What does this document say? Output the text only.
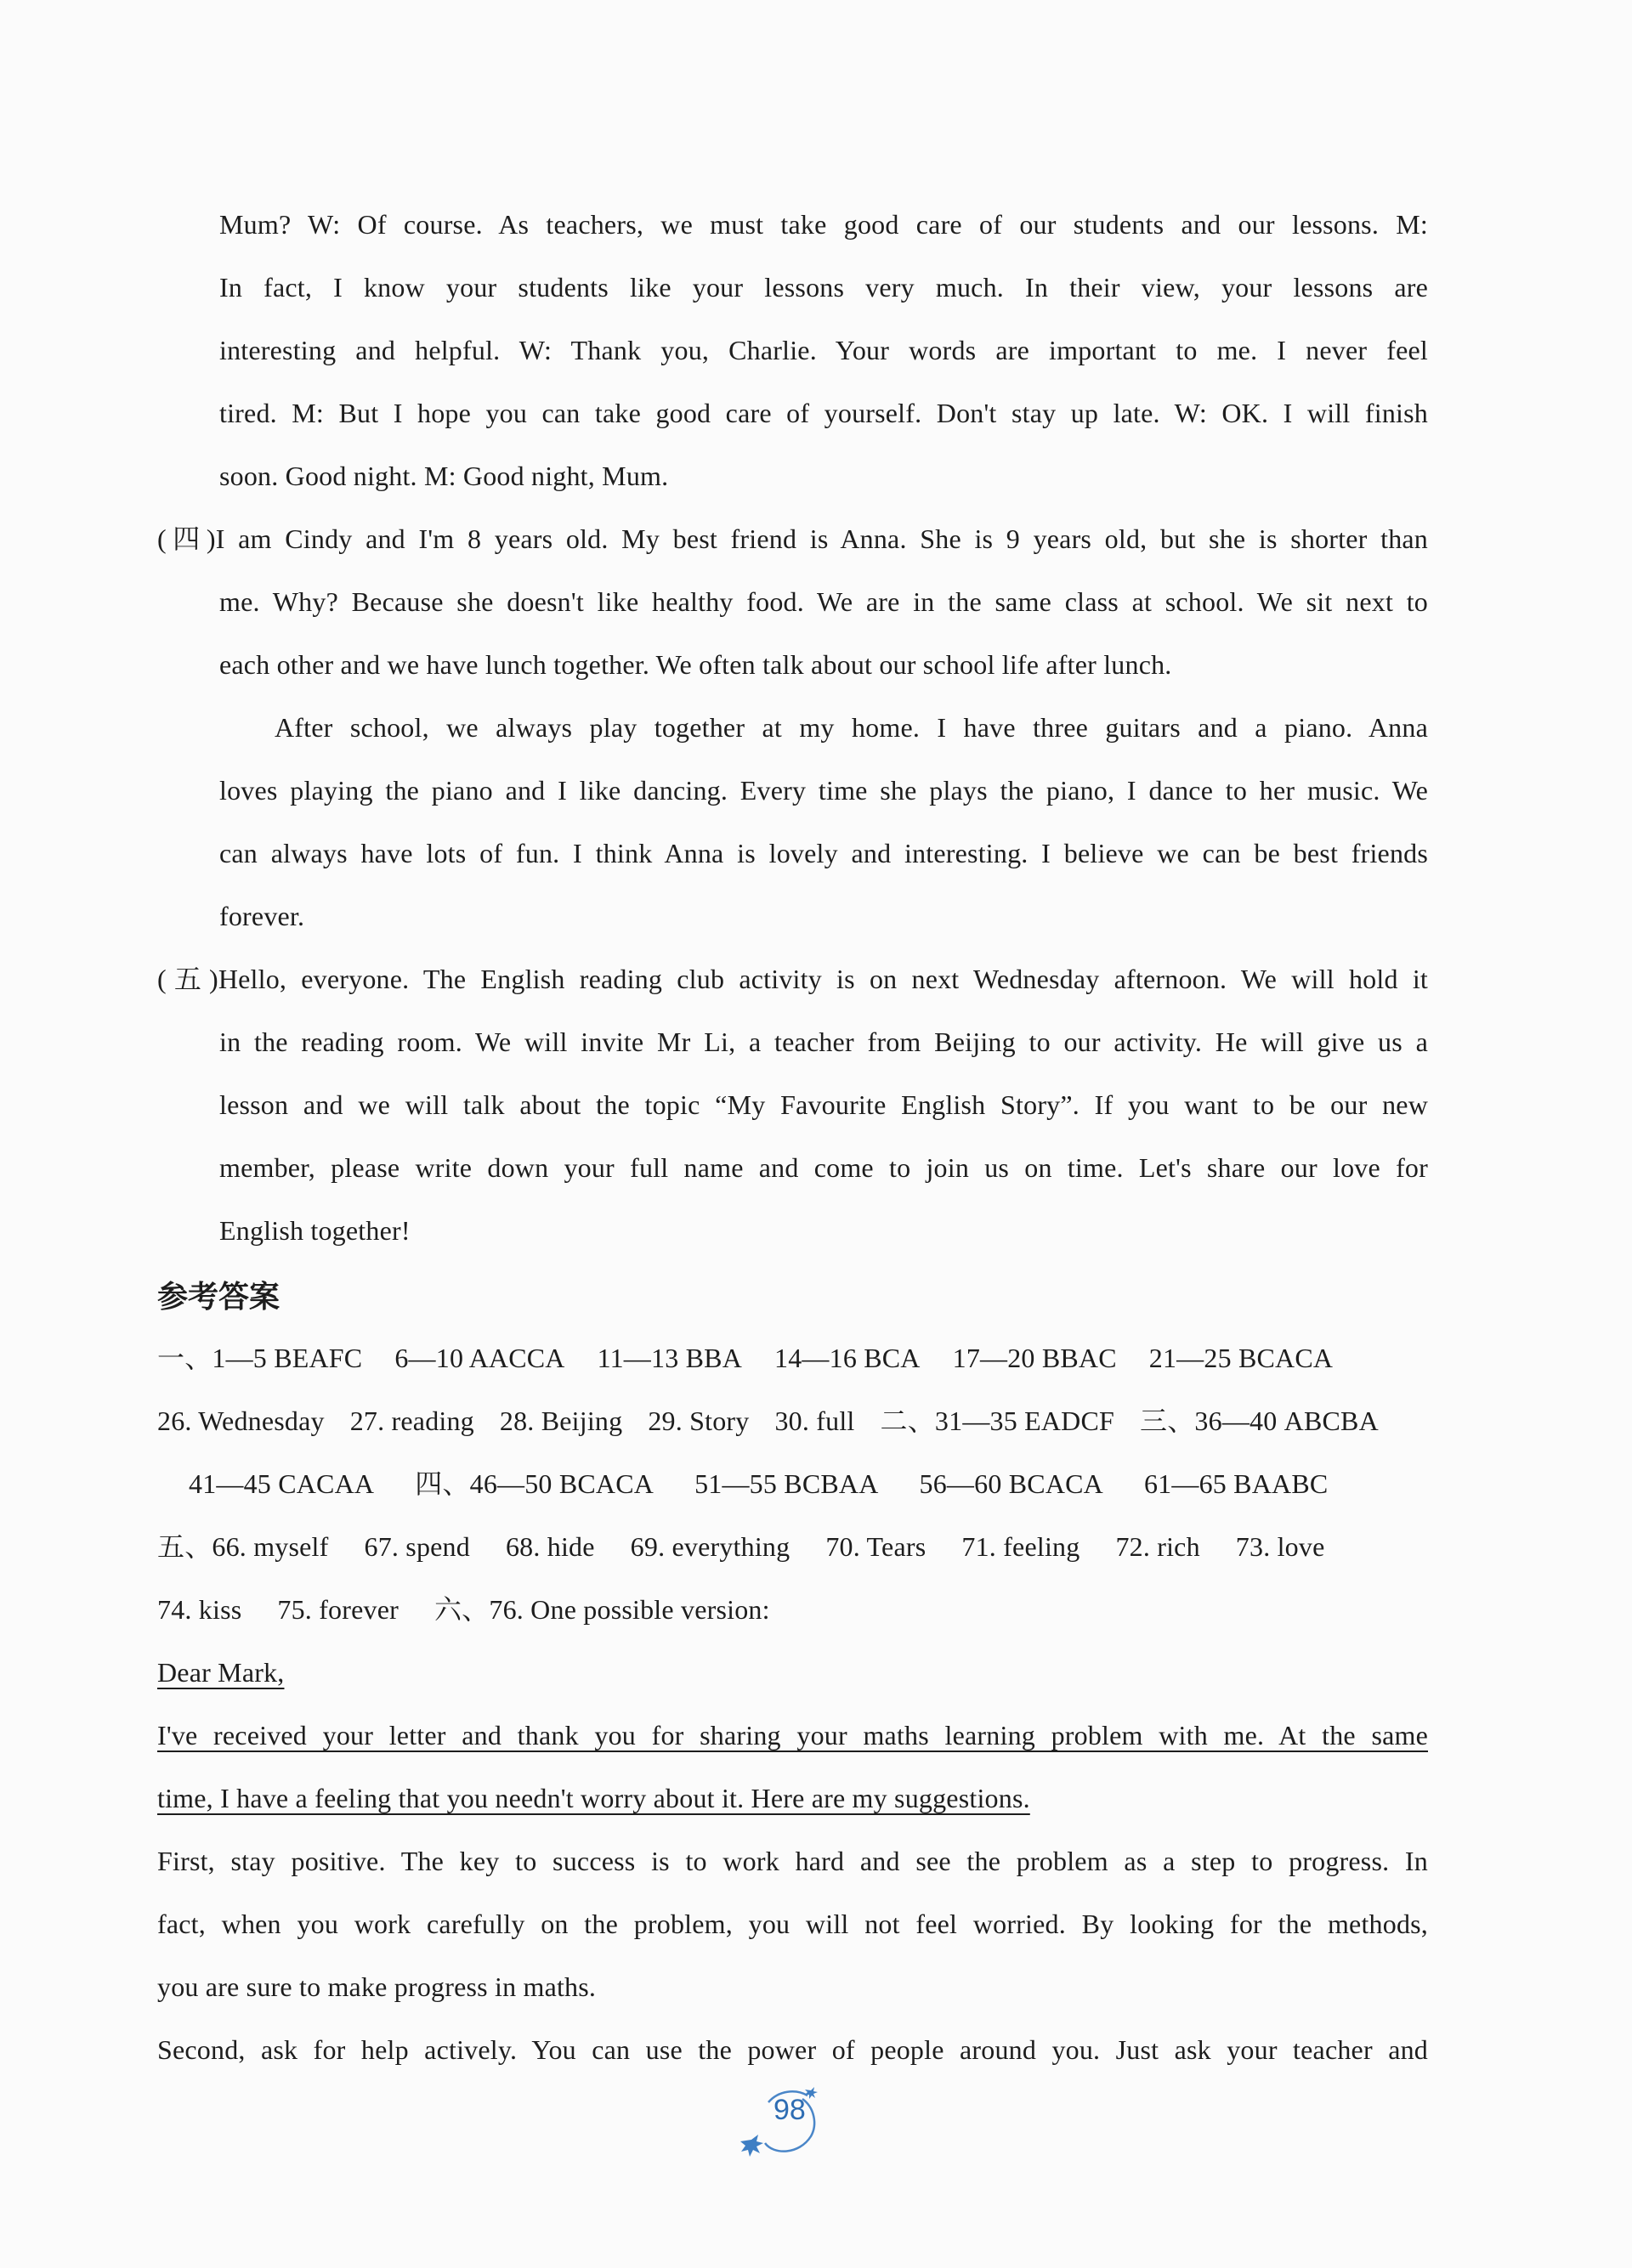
Mum? W: Of course. As teachers, we must take good care of our students and our lessons. M:
In fact, I know your students like your lessons very much. In their view, your lessons are
interesting and helpful. W: Thank you, Charlie. Your words are important to me. I never feel
tired. M: But I hope you can take good care of yourself. Don't stay up late. W: OK. I will finish
soon. Good night. M: Good night, Mum.
(四)I am Cindy and I'm 8 years old. My best friend is Anna. She is 9 years old, but she is shorter than
me. Why? Because she doesn't like healthy food. We are in the same class at school. We sit next to
each other and we have lunch together. We often talk about our school life after lunch.
After school, we always play together at my home. I have three guitars and a piano. Anna
loves playing the piano and I like dancing. Every time she plays the piano, I dance to her music. We
can always have lots of fun. I think Anna is lovely and interesting. I believe we can be best friends
forever.
(五)Hello, everyone. The English reading club activity is on next Wednesday afternoon. We will hold it
in the reading room. We will invite Mr Li, a teacher from Beijing to our activity. He will give us a
lesson and we will talk about the topic “My Favourite English Story”. If you want to be our new
member, please write down your full name and come to join us on time. Let's share our love for
English together!
参考答案
一、1—5 BEAFC 6—10 AACCA 11—13 BBA 14—16 BCA 17—20 BBAC 21—25 BCACA
26. Wednesday 27. reading 28. Beijing 29. Story 30. full 二、31—35 EADCF 三、36—40 ABCBA
41—45 CACAA 四、46—50 BCACA 51—55 BCBAA 56—60 BCACA 61—65 BAABC
五、66. myself 67. spend 68. hide 69. everything 70. Tears 71. feeling 72. rich 73. love
74. kiss 75. forever 六、76. One possible version:
Dear Mark,
I've received your letter and thank you for sharing your maths learning problem with me. At the same
time, I have a feeling that you needn't worry about it. Here are my suggestions.
First, stay positive. The key to success is to work hard and see the problem as a step to progress. In
fact, when you work carefully on the problem, you will not feel worried. By looking for the methods,
you are sure to make progress in maths.
Second, ask for help actively. You can use the power of people around you. Just ask your teacher and
98
